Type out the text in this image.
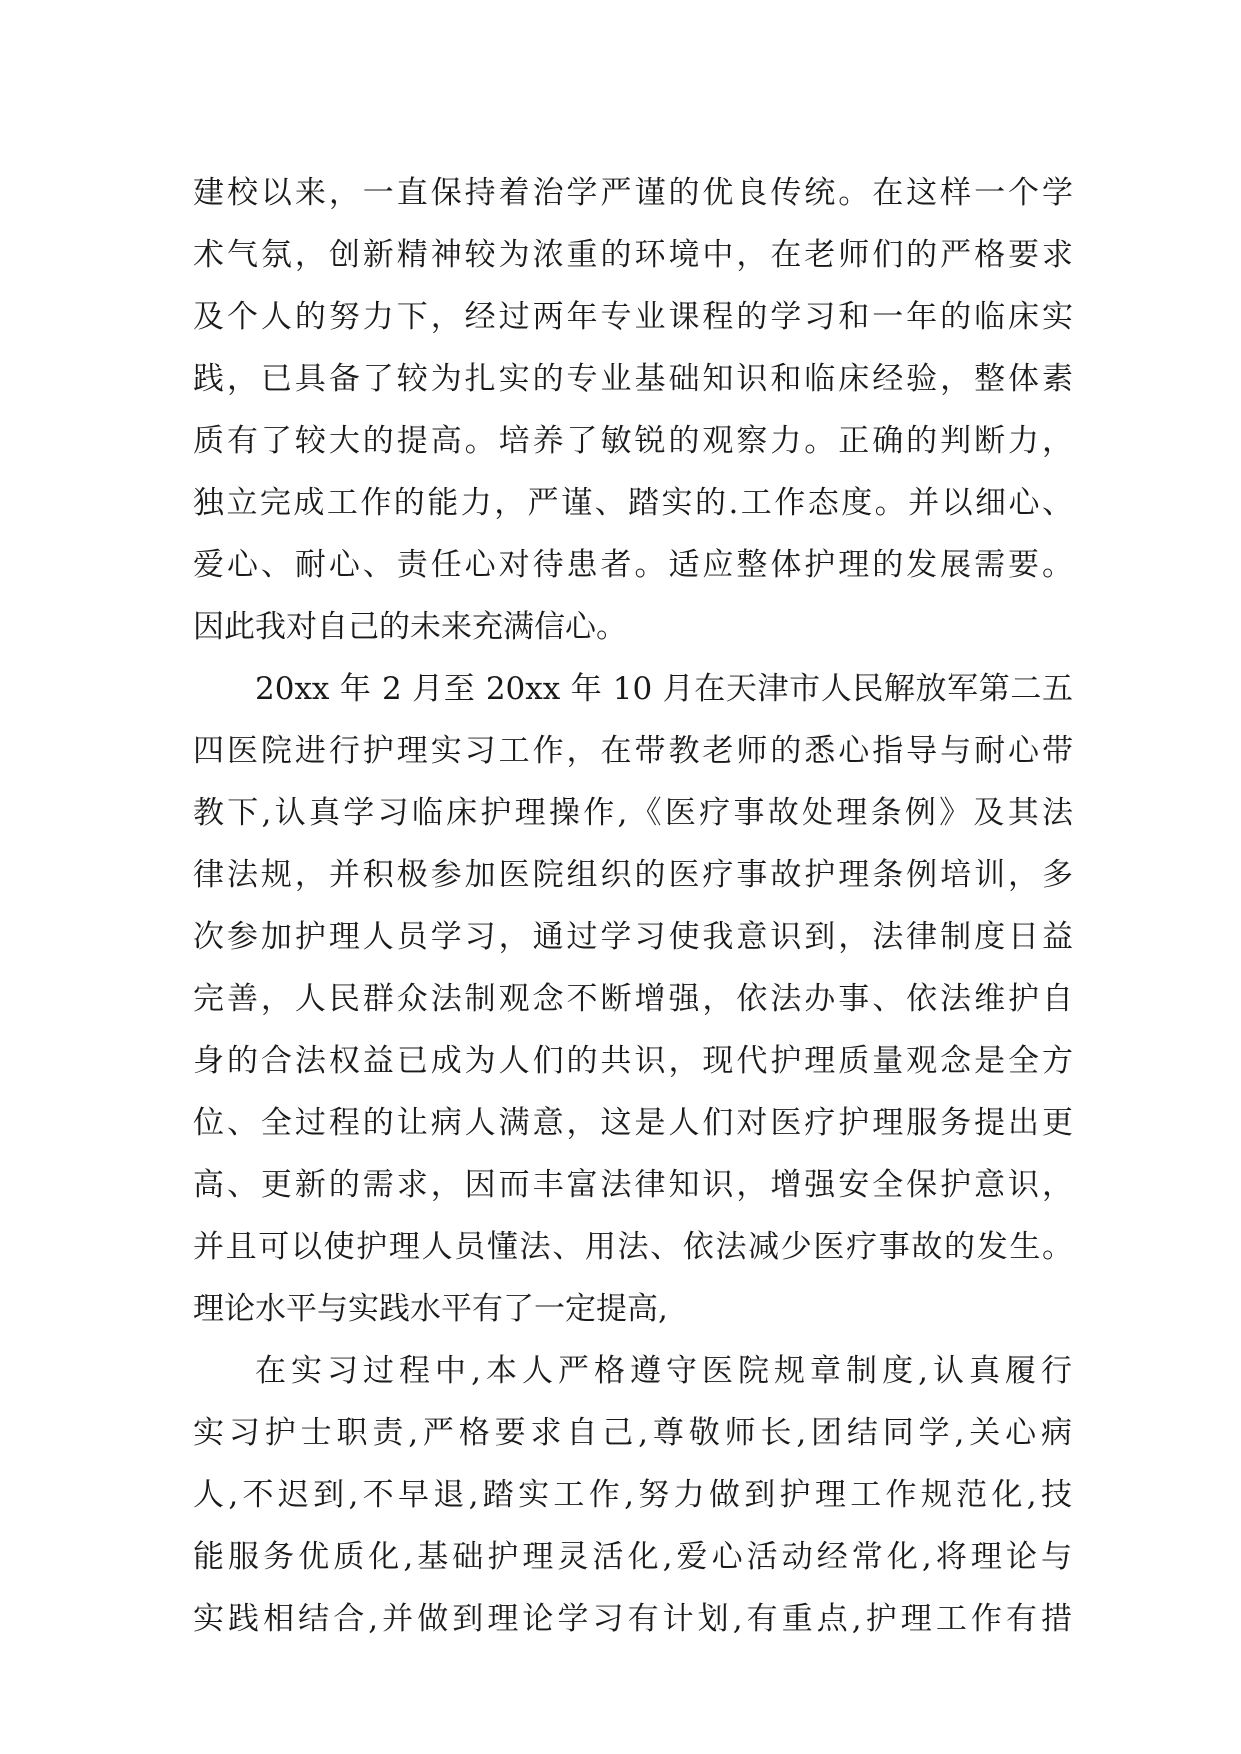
建校以来，一直保持着治学严谨的优良传统。在这样一个学
术气氛，创新精神较为浓重的环境中，在老师们的严格要求
及个人的努力下，经过两年专业课程的学习和一年的临床实
践，已具备了较为扎实的专业基础知识和临床经验，整体素
质有了较大的提高。培养了敏锐的观察力。正确的判断力，
独立完成工作的能力，严谨、踏实的.工作态度。并以细心、
爱心、耐心、责任心对待患者。适应整体护理的发展需要。
因此我对自己的未来充满信心。
20xx 年 2 月至 20xx 年 10 月在天津市人民解放军第二五
四医院进行护理实习工作，在带教老师的悉心指导与耐心带
教下,认真学习临床护理操作,《医疗事故处理条例》及其法
律法规，并积极参加医院组织的医疗事故护理条例培训，多
次参加护理人员学习，通过学习使我意识到，法律制度日益
完善，人民群众法制观念不断增强，依法办事、依法维护自
身的合法权益已成为人们的共识，现代护理质量观念是全方
位、全过程的让病人满意，这是人们对医疗护理服务提出更
高、更新的需求，因而丰富法律知识，增强安全保护意识，
并且可以使护理人员懂法、用法、依法减少医疗事故的发生。
理论水平与实践水平有了一定提高,
在实习过程中,本人严格遵守医院规章制度,认真履行
实习护士职责,严格要求自己,尊敬师长,团结同学,关心病
人,不迟到,不早退,踏实工作,努力做到护理工作规范化,技
能服务优质化,基础护理灵活化,爱心活动经常化,将理论与
实践相结合,并做到理论学习有计划,有重点,护理工作有措
